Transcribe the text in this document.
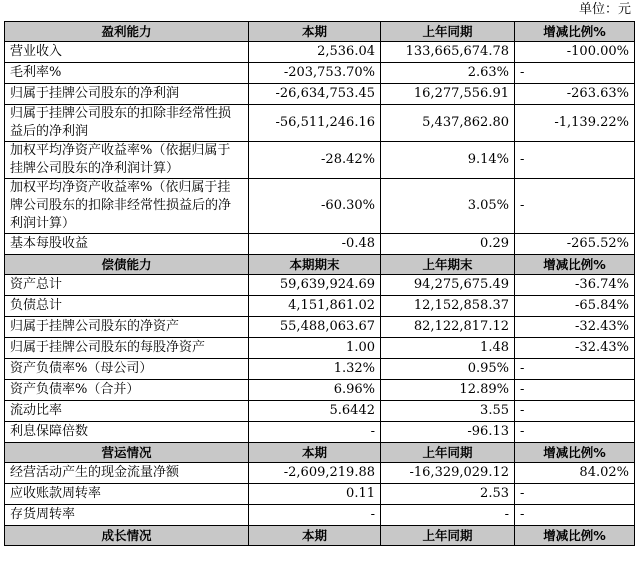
单位：元
盈利能力	本期	上年同期	增减比例%
营业收入	2,536.04	133,665,674.78	-100.00%
毛利率%	-203,753.70%	2.63%	-
归属于挂牌公司股东的净利润	-26,634,753.45	16,277,556.91	-263.63%
归属于挂牌公司股东的扣除非经常性损益后的净利润	-56,511,246.16	5,437,862.80	-1,139.22%
加权平均净资产收益率%（依据归属于挂牌公司股东的净利润计算）	-28.42%	9.14%	-
加权平均净资产收益率%（依归属于挂牌公司股东的扣除非经常性损益后的净利润计算）	-60.30%	3.05%	-
基本每股收益	-0.48	0.29	-265.52%
偿债能力	本期期末	上年期末	增减比例%
资产总计	59,639,924.69	94,275,675.49	-36.74%
负债总计	4,151,861.02	12,152,858.37	-65.84%
归属于挂牌公司股东的净资产	55,488,063.67	82,122,817.12	-32.43%
归属于挂牌公司股东的每股净资产	1.00	1.48	-32.43%
资产负债率%（母公司）	1.32%	0.95%	-
资产负债率%（合并）	6.96%	12.89%	-
流动比率	5.6442	3.55	-
利息保障倍数	-	-96.13	-
营运情况	本期	上年同期	增减比例%
经营活动产生的现金流量净额	-2,609,219.88	-16,329,029.12	84.02%
应收账款周转率	0.11	2.53	-
存货周转率	-	-	-
成长情况	本期	上年同期	增减比例%
